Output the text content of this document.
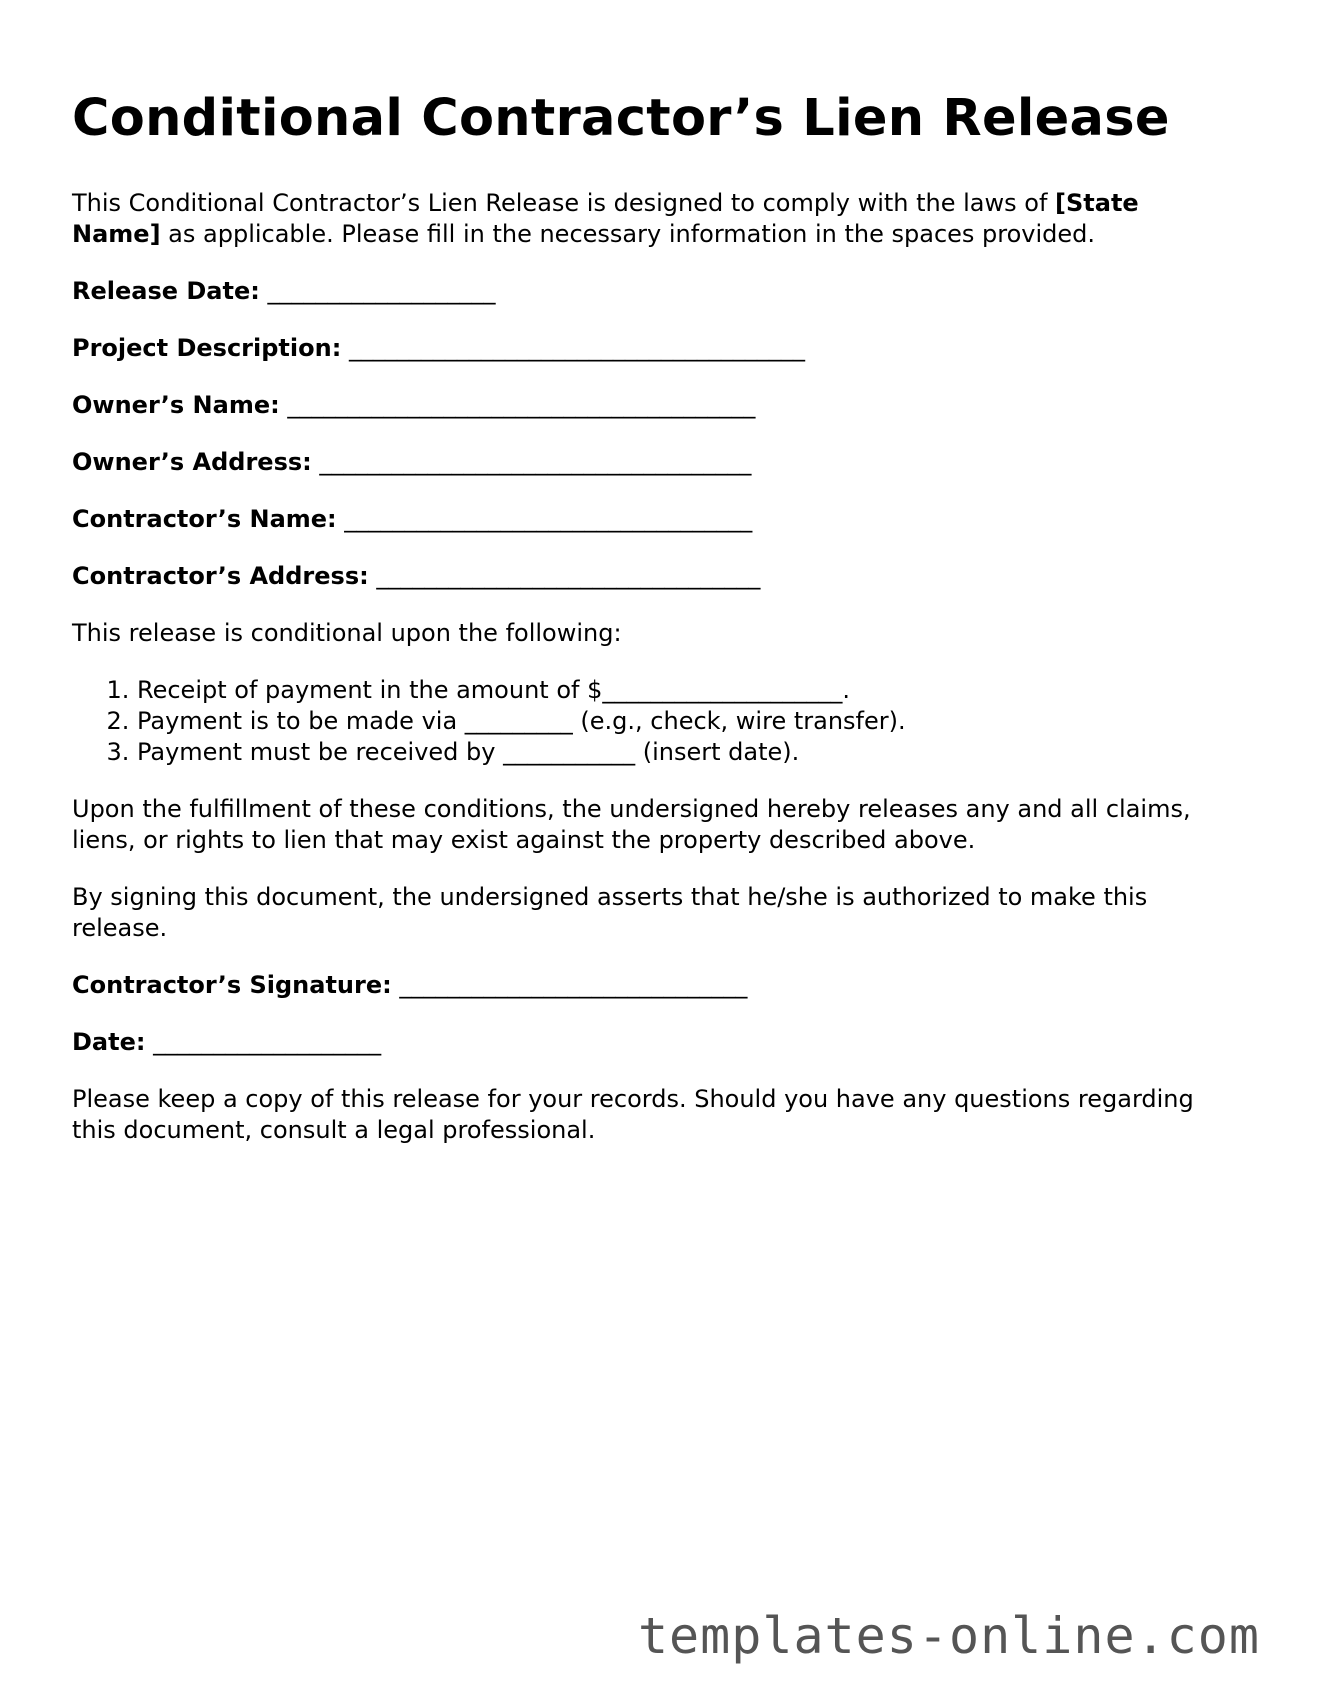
Conditional Contractor’s Lien Release

This Conditional Contractor’s Lien Release is designed to comply with the laws of [State Name] as applicable. Please fill in the necessary information in the spaces provided.

Release Date: ___________________
Project Description: ______________________________________
Owner’s Name: _______________________________________
Owner’s Address: ____________________________________
Contractor’s Name: __________________________________
Contractor’s Address: ________________________________

This release is conditional upon the following:

1. Receipt of payment in the amount of $____________________.
2. Payment is to be made via _________ (e.g., check, wire transfer).
3. Payment must be received by ___________ (insert date).

Upon the fulfillment of these conditions, the undersigned hereby releases any and all claims, liens, or rights to lien that may exist against the property described above.

By signing this document, the undersigned asserts that he/she is authorized to make this release.

Contractor’s Signature: _____________________________
Date: ___________________

Please keep a copy of this release for your records. Should you have any questions regarding this document, consult a legal professional.

templates-online.com
